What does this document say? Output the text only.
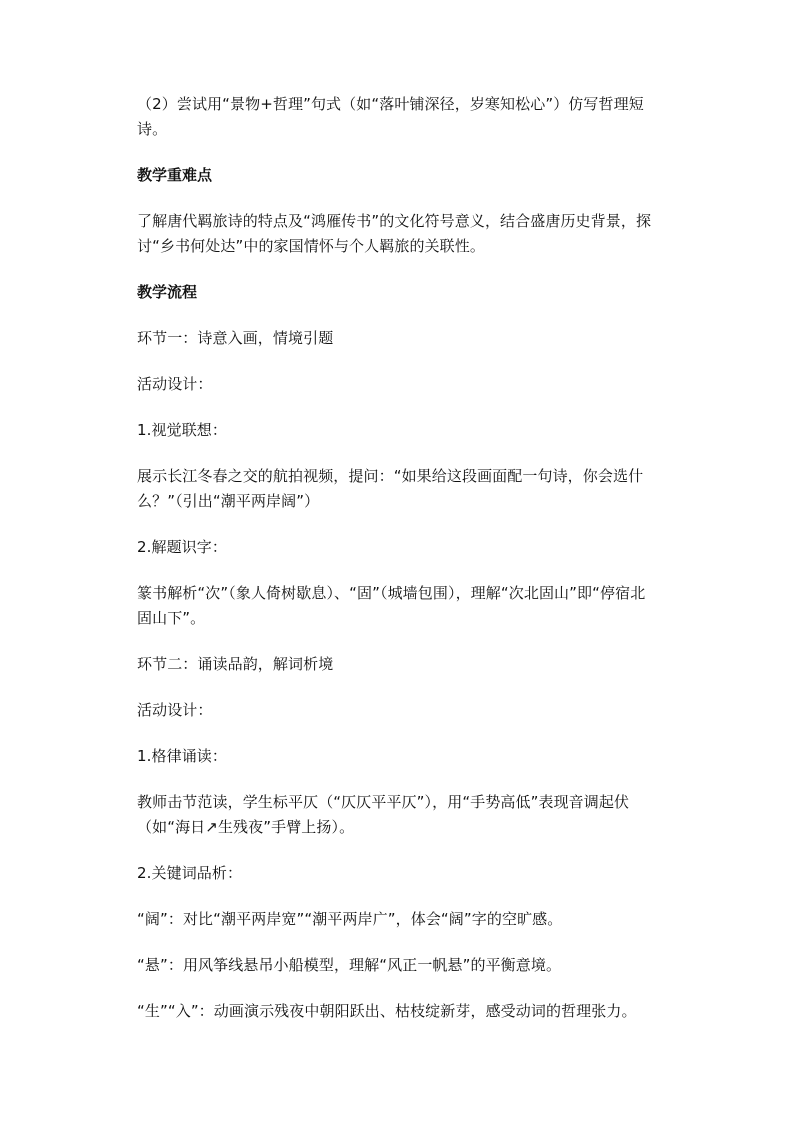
（2）尝试用“景物+哲理”句式（如“落叶铺深径，岁寒知松心”）仿写哲理短诗。

教学重难点

了解唐代羁旅诗的特点及“鸿雁传书”的文化符号意义，结合盛唐历史背景，探讨“乡书何处达”中的家国情怀与个人羁旅的关联性。

教学流程

环节一：诗意入画，情境引题

活动设计：

1.视觉联想：

展示长江冬春之交的航拍视频，提问：“如果给这段画面配一句诗，你会选什么？”（引出“潮平两岸阔”）

2.解题识字：

篆书解析“次”（象人倚树歇息）、“固”（城墙包围），理解“次北固山”即“停宿北固山下”。

环节二：诵读品韵，解词析境

活动设计：

1.格律诵读：

教师击节范读，学生标平仄（“仄仄平平仄”），用“手势高低”表现音调起伏（如“海日↗生残夜”手臂上扬）。

2.关键词品析：

“阔”：对比“潮平两岸宽”“潮平两岸广”，体会“阔”字的空旷感。

“悬”：用风筝线悬吊小船模型，理解“风正一帆悬”的平衡意境。

“生”“入”：动画演示残夜中朝阳跃出、枯枝绽新芽，感受动词的哲理张力。
